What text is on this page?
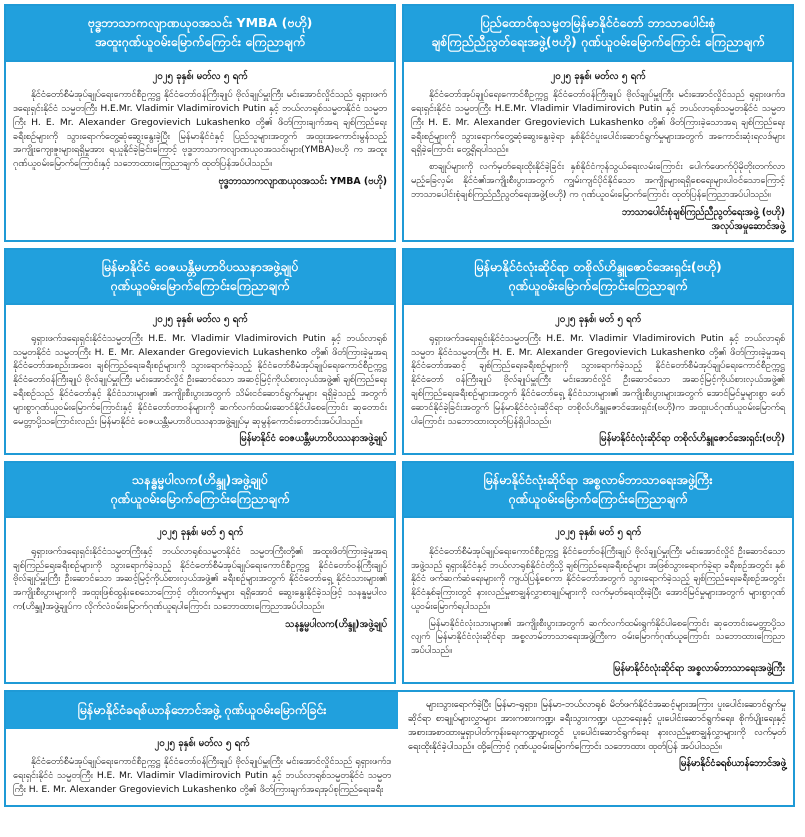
ဗုဒ္ဓဘာသာကလျာဏယုဝအသင်း YMBA (ဗဟို)
အထူးဂုဏ်ယူဝမ်းမြောက်ကြောင်း ကြေညာချက်
၂၀၂၅ ခုနှစ်၊ မတ်လ ၅ ရက်

နိုင်ငံတော်စီမံအုပ်ချုပ်ရေးကောင်စီဥက္ကဋ္ဌ နိုင်ငံတော်ဝန်ကြီးချုပ် ဗိုလ်ချုပ်မှူးကြီး မင်းအောင်လှိုင်သည် ရုရှားဖက်ဒရေးရှင်းနိုင်ငံ သမ္မတကြီး H.E.Mr. Vladimir Vladimirovich Putin နှင့် ဘယ်လာရုစ်သမ္မတနိုင်ငံ သမ္မတကြီး H. E. Mr. Alexander Gregovievich Lukashenko တို့၏ ဖိတ်ကြားချက်အရ ချစ်ကြည်ရေး ခရီးစဉ်များကို သွားရောက်တွေ့ဆုံဆွေးနွေးခဲ့ပြီး မြန်မာနိုင်ငံနှင့် ပြည်သူများအတွက် အထူးအကောင်းမွန်သည့် အကျိုးကျေးဇူးများရရှိမှုအား ရယူနိုင်ခဲ့ခြင်းကြောင့် ဗုဒ္ဓဘာသာကလျာဏယုဝအသင်းများ(YMBA)ဗဟို က အထူးဂုဏ်ယူဝမ်းမြောက်ကြောင်းနှင့် သဘောထားကြေညာချက် ထုတ်ပြန်အပ်ပါသည်။

ဗုဒ္ဓဘာသာကလျာဏယုဝအသင်း YMBA (ဗဟို)
ပြည်ထောင်စုသမ္မတမြန်မာနိုင်ငံတော် ဘာသာပေါင်းစုံ
ချစ်ကြည်ညီညွတ်ရေးအဖွဲ့(ဗဟို) ဂုဏ်ယူဝမ်းမြောက်ကြောင်း ကြေညာချက်
၂၀၂၅ ခုနှစ်၊ မတ်လ ၅ ရက်

နိုင်ငံတော်အုပ်ချုပ်ရေးကောင်စီဥက္ကဋ္ဌ နိုင်ငံတော်ဝန်ကြီးချုပ် ဗိုလ်ချုပ်မှူးကြီး မင်းအောင်လှိုင်သည် ရုရှားဖက်ဒရေးရှင်းနိုင်ငံ သမ္မတကြီး H.E.Mr. Vladimir Vladimirovich Putin နှင့် ဘယ်လာရုစ်သမ္မတနိုင်ငံ သမ္မတကြီး H. E. Mr. Alexander Gregovievich Lukashenko တို့၏ ဖိတ်ကြားခဲ့သောအရ ချစ်ကြည်ရေး ခရီးစဉ်များကို သွားရောက်တွေ့ဆုံဆွေးနွေးခဲ့ရာ နှစ်နိုင်ငံပူးပေါင်းဆောင်ရွက်မှုများအတွက် အကောင်းဆုံးရလဒ်များ ရရှိခဲ့ကြောင်း တွေ့ရှိရပါသည်။

စာချုပ်များကို လက်မှတ်ရေးထိုးနိုင်ခဲ့ခြင်း နှစ်နိုင်ငံကုန်သွယ်ရေးလမ်းကြောင်း ပေါက်ဖောက်ပိုမိုတိုးတက်လာမည့်ခြေလှမ်း နိုင်ငံ၏အကျိုးစီးပွားအတွက် ကျွမ်းကျင်ပိုင်နိုင်သော အကျိုးများရရှိစေရေးများပါဝင်သောကြောင့် ဘာသာပေါင်းစုံချစ်ကြည်ညီညွတ်ရေးအဖွဲ့(ဗဟို) က ဂုဏ်ယူဝမ်းမြောက်ကြောင်း ထုတ်ပြန်ကြေညာအပ်ပါသည်။

ဘာသာပေါင်းစုံချစ်ကြည်ညီညွတ်ရေးအဖွဲ့ (ဗဟို)
အလုပ်အမှုဆောင်အဖွဲ့
မြန်မာနိုင်ငံ ဝေဇယန္တီမဟာဝိပဿနာအဖွဲ့ချုပ်
ဂုဏ်ယူဝမ်းမြောက်ကြောင်းကြေညာချက်
၂၀၂၅ ခုနှစ်၊ မတ်လ ၅ ရက်

ရုရှားဖက်ဒရေးရှင်းနိုင်ငံသမ္မတကြီး H.E. Mr. Vladimir Vladimirovich Putin နှင့် ဘယ်လာရုစ်သမ္မတနိုင်ငံ သမ္မတကြီး H. E. Mr. Alexander Gregovievich Lukashenko တို့၏ ဖိတ်ကြားခဲ့မှုအရ နိုင်ငံတော်အစည်းအဝေး ချစ်ကြည်ရေးခရီးစဉ်များကို သွားရောက်ခဲ့သည့် နိုင်ငံတော်စီမံအုပ်ချုပ်ရေးကောင်စီဥက္ကဋ္ဌ နိုင်ငံတော်ဝန်ကြီးချုပ် ဗိုလ်ချုပ်မှူးကြီး မင်းအောင်လှိုင် ဦးဆောင်သော အဆင့်မြင့်ကိုယ်စားလှယ်အဖွဲ့၏ ချစ်ကြည်ရေးခရီးစဉ်သည် နိုင်ငံတော်နှင့် နိုင်ငံသားများ၏ အကျိုးစီးပွားအတွက် သိမ်းငင်ဆောင်ရွက်မှုများ ရရှိခဲ့သည့် အတွက် များစွာဂုဏ်ယူဝမ်းမြောက်ကြောင်းနှင့် နိုင်ငံတော်တာဝန်များကို ဆက်လက်ထမ်းဆောင်နိုင်ပါစေကြောင်း ဆုတောင်းမေတ္တာပို့သကြောင်းလည်း မြန်မာနိုင်ငံ ဝေဇယန္တီမဟာဝိပဿနာအဖွဲ့ချုပ်မှ ဆုမွန်ကောင်းတောင်းအပ်ပါသည်။

မြန်မာနိုင်ငံ ဝေဇယန္တီမဟာဝိပဿနာအဖွဲ့ချုပ်
မြန်မာနိုင်ငံလုံးဆိုင်ရာ တစိုလ်ဟိန္ဒူဇောင်အေးရှင်း(ဗဟို)
ဂုဏ်ယူဝမ်းမြောက်ကြောင်းကြေညာချက်
၂၀၂၅ ခုနှစ်၊ မတ် ၅ ရက်

ရုရှားဖက်ဒရေးရှင်းနိုင်ငံသမ္မတကြီး H.E. Mr. Vladimir Vladimirovich Putin နှင့် ဘယ်လာရုစ်သမ္မတ နိုင်ငံသမ္မတကြီး H. E. Mr. Alexander Gregovievich Lukashenko တို့၏ ဖိတ်ကြားခဲ့မှုအရ နိုင်ငံတော်အဆင့် ချစ်ကြည်ရေးခရီးစဉ်များကို သွားရောက်ခဲ့သည့် နိုင်ငံတော်စီမံအုပ်ချုပ်ရေးကောင်စီဥက္ကဋ္ဌ နိုင်ငံတော် ဝန်ကြီးချုပ် ဗိုလ်ချုပ်မှူးကြီး မင်းအောင်လှိုင် ဦးဆောင်သော အဆင့်မြင့်ကိုယ်စားလှယ်အဖွဲ့၏ ချစ်ကြည်ရေးခရီးစဉ်များအတွက် နိုင်ငံတော်ရှေ့ နိုင်ငံသားများ၏ အကျိုးစီးပွားများအတွက် အောင်မြင်မှုများစွာ ဖော်ဆောင်နိုင်ခဲ့ခြင်းအတွက် မြန်မာနိုင်ငံလုံးဆိုင်ရာ တစိုလ်ဟိန္ဒူဇောင်အေးရှင်း(ဗဟို)က အထူးပင်ဂုဏ်ယူဝမ်းမြောက်ရပါကြောင်း သဘောထားထုတ်ပြန်ရှိပါသည်။

မြန်မာနိုင်ငံလုံးဆိုင်ရာ တစိုလ်ဟိန္ဒူဇောင်အေးရှင်း(ဗဟို)
သနန္ဓမ္မပါလက(ဟိန္ဒူ)အဖွဲ့ချုပ်
ဂုဏ်ယူဝမ်းမြောက်ကြောင်းကြေညာချက်
၂၀၂၅ ခုနှစ်၊ မတ် ၅ ရက်

ရုရှားဖက်ဒရေးရှင်းနိုင်ငံသမ္မတကြီးနှင့် ဘယ်လာရုစ်သမ္မတနိုင်ငံ သမ္မတကြီးတို့၏ အထူးဖိတ်ကြားခဲ့မှုအရ ချစ်ကြည်ရေးခရီးစဉ်များကို သွားရောက်ခဲ့သည့် နိုင်ငံတော်စီမံအုပ်ချုပ်ရေးကောင်စီဥက္ကဋ္ဌ နိုင်ငံတော်ဝန်ကြီးချုပ် ဗိုလ်ချုပ်မှူးကြီး ဦးဆောင်သော အဆင့်မြင့်ကိုယ်စားလှယ်အဖွဲ့၏ ခရီးစဉ်များအတွက် နိုင်ငံတော်ရှေ့ နိုင်ငံသားများ၏ အကျိုးစီးပွားများကို အထူးဖြစ်ထွန်းစေသောကြောင့် တိုးတက်မှုများ ရရှိအောင် ဆွေးနွေးနိုင်ခဲ့သဖြင့် သနန္ဓမ္မပါလက(ဟိန္ဒူ)အဖွဲ့ချုပ်က လိုက်လံဝမ်းမြောက်ဂုဏ်ယူရပါကြောင်း သဘောထားကြေညာအပ်ပါသည်။

သနန္ဓမ္မပါလက(ဟိန္ဒူ)အဖွဲ့ချုပ်
မြန်မာနိုင်ငံလုံးဆိုင်ရာ အစ္စလာမ်ဘာသာရေးအဖွဲ့ကြီး
ဂုဏ်ယူဝမ်းမြောက်ကြောင်းကြေညာချက်
၂၀၂၅ ခုနှစ်၊ မတ် ၅ ရက်

နိုင်ငံတော်စီမံအုပ်ချုပ်ရေးကောင်စီဥက္ကဋ္ဌ နိုင်ငံတော်ဝန်ကြီးချုပ် ဗိုလ်ချုပ်မှူးကြီး မင်းအောင်လှိုင် ဦးဆောင်သောအဖွဲ့သည် ရုရှားနိုင်ငံနှင့် ဘယ်လာရုစ်နိုင်ငံတို့သို့ ချစ်ကြည်ရေးခရီးစဉ်များ အဖြစ်သွားရောက်ခဲ့ရာ ခရီးစဉ်အတွင်း နှစ်နိုင်ငံ ဖက်ဆက်ဆံရေးများကို ကျယ်ပြန့်စေကာ နိုင်ငံတော်အတွက် သွားရောက်ခဲ့သည့် ချစ်ကြည်ရေးခရီးစဉ်အတွင်း နိုင်ငံနှစ်ခုကြားတွင် နားလည်မှုစာချွန်လွှာစာချုပ်များကို လက်မှတ်ရေးထိုးခဲ့ပြီး အောင်မြင်မှုများအတွက် များစွာဂုဏ်ယူဝမ်းမြောက်ရပါသည်။

မြန်မာနိုင်ငံလုံးသားများ၏ အကျိုးစီးပွားအတွက် ဆက်လက်ထမ်းရွက်နိုင်ပါစေကြောင်း ဆုတောင်းမေတ္တာပို့သလျက် မြန်မာနိုင်ငံလုံးဆိုင်ရာ အစ္စလာမ်ဘာသာရေးအဖွဲ့ကြီးက ဝမ်းမြောက်ဂုဏ်ယူကြောင်း သဘောထားကြေညာအပ်ပါသည်။

မြန်မာနိုင်ငံလုံးဆိုင်ရာ အစ္စလာမ်ဘာသာရေးအဖွဲ့ကြီး
မြန်မာနိုင်ငံခရစ်ယာန်ဘောင်အဖွဲ့ ဂုဏ်ယူဝမ်းမြောက်ခြင်း
၂၀၂၅ ခုနှစ်၊ မတ်လ ၅ ရက်

နိုင်ငံတော်စီမံအုပ်ချုပ်ရေးကောင်စီဥက္ကဋ္ဌ နိုင်ငံတော်ဝန်ကြီးချုပ် ဗိုလ်ချုပ်မှူးကြီး မင်းအောင်လှိုင်သည် ရုရှားဖက်ဒရေးရှင်းနိုင်ငံ သမ္မတကြီး H.E. Mr. Vladimir Vladimirovich Putin နှင့် ဘယ်လာရုစ်သမ္မတနိုင်ငံ သမ္မတကြီး H. E. Mr. Alexander Gregovievich Lukashenko တို့၏ ဖိတ်ကြားချက်အရအုပ်စုကြည်ရေးခရီး

များသွားရောက်ခဲ့ပြီး မြန်မာ-ရုရှား၊ မြန်မာ-ဘယ်လာရုစ် မိတ်ဖက်နိုင်ငံအဆင့်များအကြား ပူးပေါင်းဆောင်ရွက်မှုဆိုင်ရာ စာချုပ်များလွှာများ အားကစားကဏ္ဍ၊ ခရီးသွားကဏ္ဍ၊ ပညာရေးနှင့် ပူးပေါင်းဆောင်ရွက်ရေး၊ စိုက်ပျိုးရေးနှင့် အစားအစာထားမှုရှာပါတ်ကုန်းရေးကဏ္ဍများတွင် ပူးပေါင်းဆောင်ရွက်ရေး နားလည်မှုစာချွန်လွှာများကို လက်မှတ်ရေးထိုးနိုင်ခဲ့ပါသည်။ ထို့ကြောင့် ဂုဏ်ယူဝမ်းမြောက်ကြောင်း သဘောထား ထုတ်ပြန် အပ်ပါသည်။

မြန်မာနိုင်ငံခရစ်ယာန်ဘောင်အဖွဲ့
